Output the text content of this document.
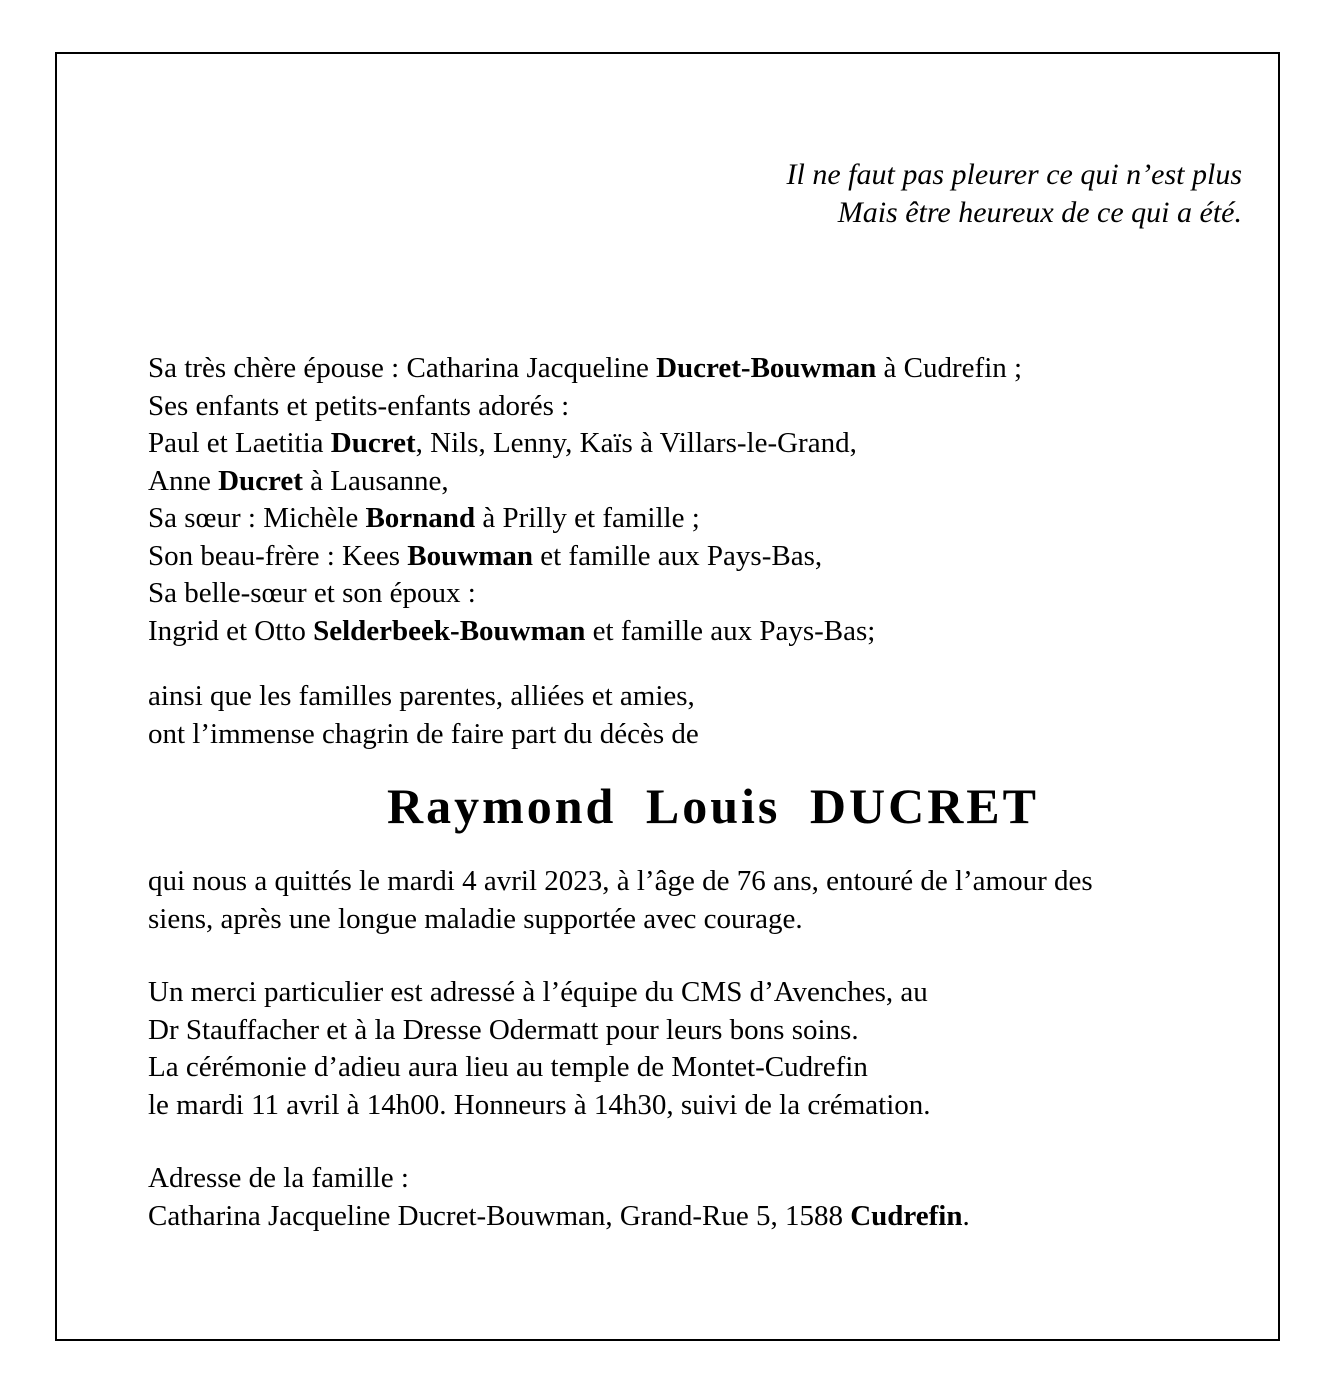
Il ne faut pas pleurer ce qui n’est plus
Mais être heureux de ce qui a été.
Sa très chère épouse : Catharina Jacqueline Ducret-Bouwman à Cudrefin ;
Ses enfants et petits-enfants adorés :
Paul et Laetitia Ducret, Nils, Lenny, Kaïs à Villars-le-Grand,
Anne Ducret à Lausanne,
Sa sœur : Michèle Bornand à Prilly et famille ;
Son beau-frère : Kees Bouwman et famille aux Pays-Bas,
Sa belle-sœur et son époux :
Ingrid et Otto Selderbeek-Bouwman et famille aux Pays-Bas;
ainsi que les familles parentes, alliées et amies,
ont l’immense chagrin de faire part du décès de
Raymond Louis DUCRET
qui nous a quittés le mardi 4 avril 2023, à l’âge de 76 ans, entouré de l’amour des
siens, après une longue maladie supportée avec courage.
Un merci particulier est adressé à l’équipe du CMS d’Avenches, au
Dr Stauffacher et à la Dresse Odermatt pour leurs bons soins.
La cérémonie d’adieu aura lieu au temple de Montet-Cudrefin
le mardi 11 avril à 14h00. Honneurs à 14h30, suivi de la crémation.
Adresse de la famille :
Catharina Jacqueline Ducret-Bouwman, Grand-Rue 5, 1588 Cudrefin.
